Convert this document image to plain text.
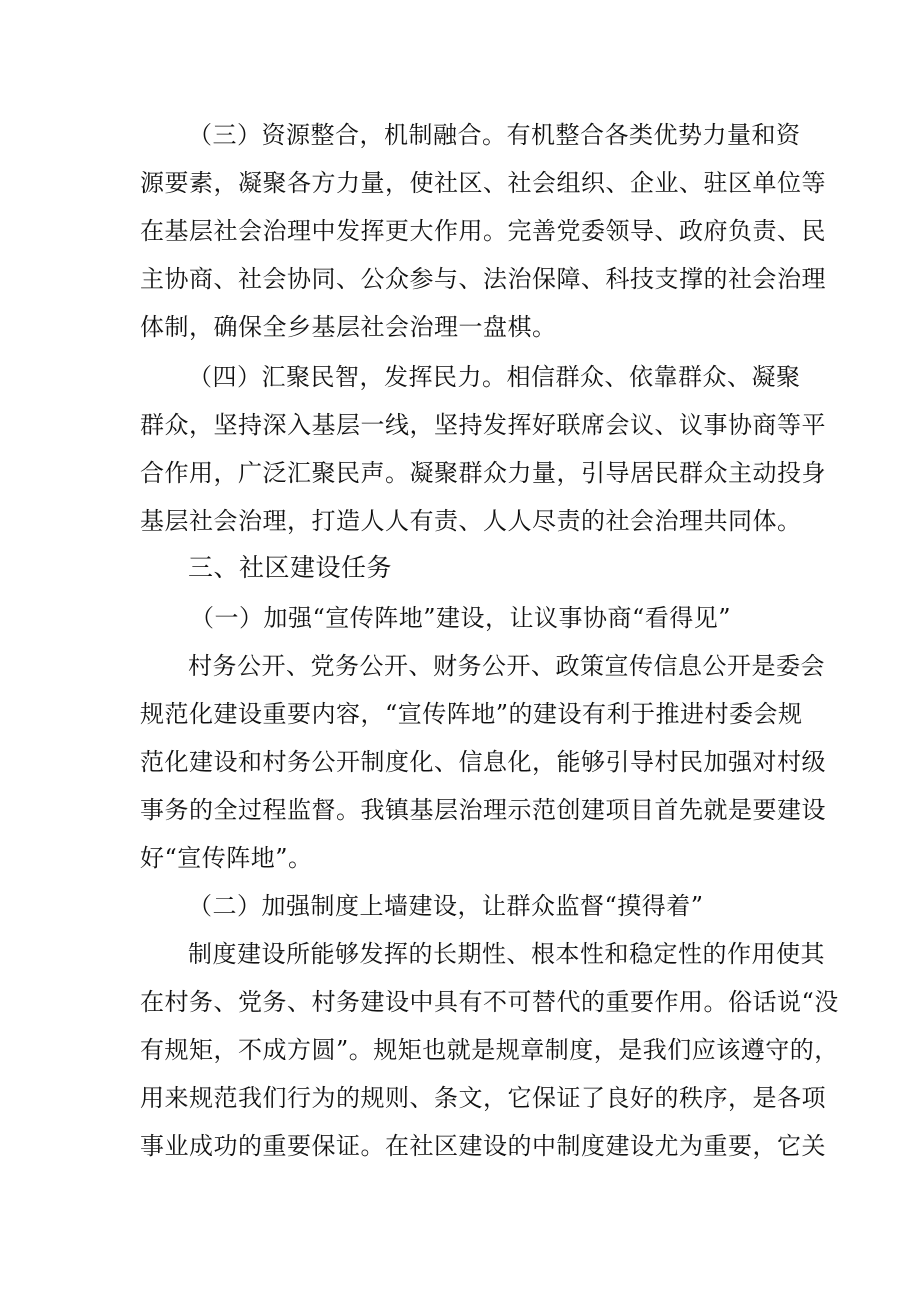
（三）资源整合，机制融合。有机整合各类优势力量和资
源要素，凝聚各方力量，使社区、社会组织、企业、驻区单位等
在基层社会治理中发挥更大作用。完善党委领导、政府负责、民
主协商、社会协同、公众参与、法治保障、科技支撑的社会治理
体制，确保全乡基层社会治理一盘棋。
（四）汇聚民智，发挥民力。相信群众、依靠群众、凝聚
群众，坚持深入基层一线，坚持发挥好联席会议、议事协商等平
合作用，广泛汇聚民声。凝聚群众力量，引导居民群众主动投身
基层社会治理，打造人人有责、人人尽责的社会治理共同体。
三、社区建设任务
（一）加强“宣传阵地”建设，让议事协商“看得见”
村务公开、党务公开、财务公开、政策宣传信息公开是委会
规范化建设重要内容，“宣传阵地”的建设有利于推进村委会规
范化建设和村务公开制度化、信息化，能够引导村民加强对村级
事务的全过程监督。我镇基层治理示范创建项目首先就是要建设
好“宣传阵地”。
（二）加强制度上墙建设，让群众监督“摸得着”
制度建设所能够发挥的长期性、根本性和稳定性的作用使其
在村务、党务、村务建设中具有不可替代的重要作用。俗话说“没
有规矩，不成方圆”。规矩也就是规章制度，是我们应该遵守的，
用来规范我们行为的规则、条文，它保证了良好的秩序，是各项
事业成功的重要保证。在社区建设的中制度建设尤为重要，它关
